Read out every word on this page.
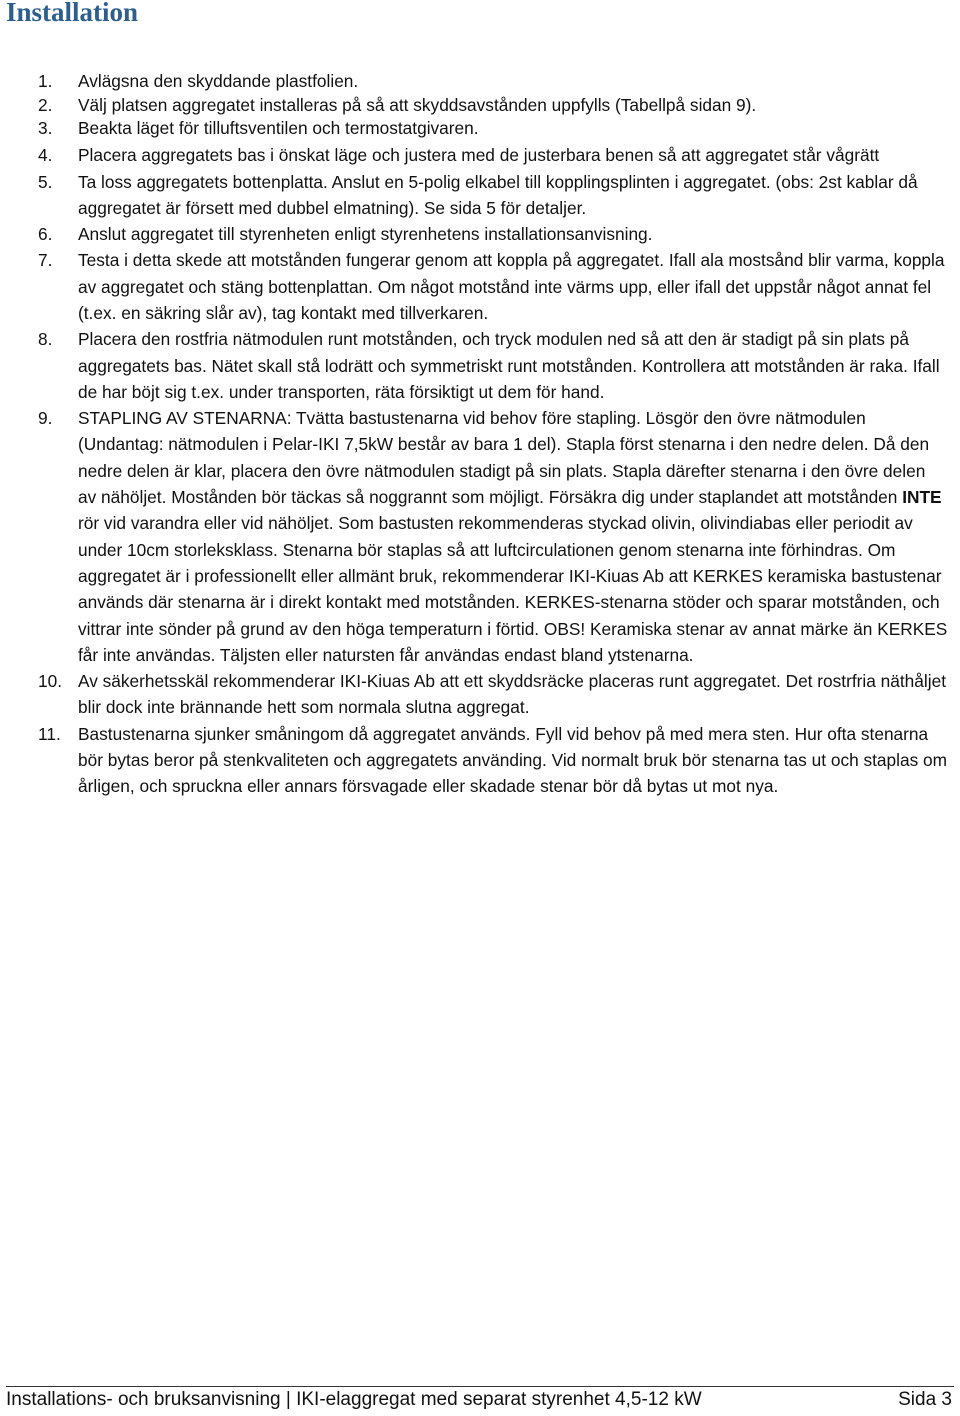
Installation
1. Avlägsna den skyddande plastfolien.
2. Välj platsen aggregatet installeras på så att skyddsavstånden uppfylls (Tabellpå sidan 9).
3. Beakta läget för tilluftsventilen och termostatgivaren.
4. Placera aggregatets bas i önskat läge och justera med de justerbara benen så att aggregatet står vågrätt
5. Ta loss aggregatets bottenplatta. Anslut en 5-polig elkabel till kopplingsplinten i aggregatet. (obs: 2st kablar då aggregatet är försett med dubbel elmatning). Se sida 5 för detaljer.
6. Anslut aggregatet till styrenheten enligt styrenhetens installationsanvisning.
7. Testa i detta skede att motstånden fungerar genom att koppla på aggregatet. Ifall ala mostsånd blir varma, koppla av aggregatet och stäng bottenplattan. Om något motstånd inte värms upp, eller ifall det uppstår något annat fel (t.ex. en säkring slår av), tag kontakt med tillverkaren.
8. Placera den rostfria nätmodulen runt motstånden, och tryck modulen ned så att den är stadigt på sin plats på aggregatets bas. Nätet skall stå lodrätt och symmetriskt runt motstånden. Kontrollera att motstånden är raka. Ifall de har böjt sig t.ex. under transporten, räta försiktigt ut dem för hand.
9. STAPLING AV STENARNA: Tvätta bastustenarna vid behov före stapling. Lösgör den övre nätmodulen (Undantag: nätmodulen i Pelar-IKI 7,5kW består av bara 1 del). Stapla först stenarna i den nedre delen. Då den nedre delen är klar, placera den övre nätmodulen stadigt på sin plats. Stapla därefter stenarna i den övre delen av nähöljet. Mostånden bör täckas så noggrannt som möjligt. Försäkra dig under staplandet att motstånden INTE rör vid varandra eller vid nähöljet. Som bastusten rekommenderas styckad olivin, olivindiabas eller periodit av under 10cm storleksklass. Stenarna bör staplas så att luftcirculationen genom stenarna inte förhindras. Om aggregatet är i professionellt eller allmänt bruk, rekommenderar IKI-Kiuas Ab att KERKES keramiska bastustenar används där stenarna är i direkt kontakt med motstånden. KERKES-stenarna stöder och sparar motstånden, och vittrar inte sönder på grund av den höga temperaturn i förtid. OBS! Keramiska stenar av annat märke än KERKES får inte användas. Täljsten eller natursten får användas endast bland ytstenarna.
10. Av säkerhetsskäl rekommenderar IKI-Kiuas Ab att ett skyddsräcke placeras runt aggregatet. Det rostrfria näthåljet blir dock inte brännande hett som normala slutna aggregat.
11. Bastustenarna sjunker småningom då aggregatet används. Fyll vid behov på med mera sten. Hur ofta stenarna bör bytas beror på stenkvaliteten och aggregatets använding. Vid normalt bruk bör stenarna tas ut och staplas om årligen, och spruckna eller annars försvagade eller skadade stenar bör då bytas ut mot nya.
Installations- och bruksanvisning | IKI-elaggregat med separat styrenhet 4,5-12 kW	Sida 3
